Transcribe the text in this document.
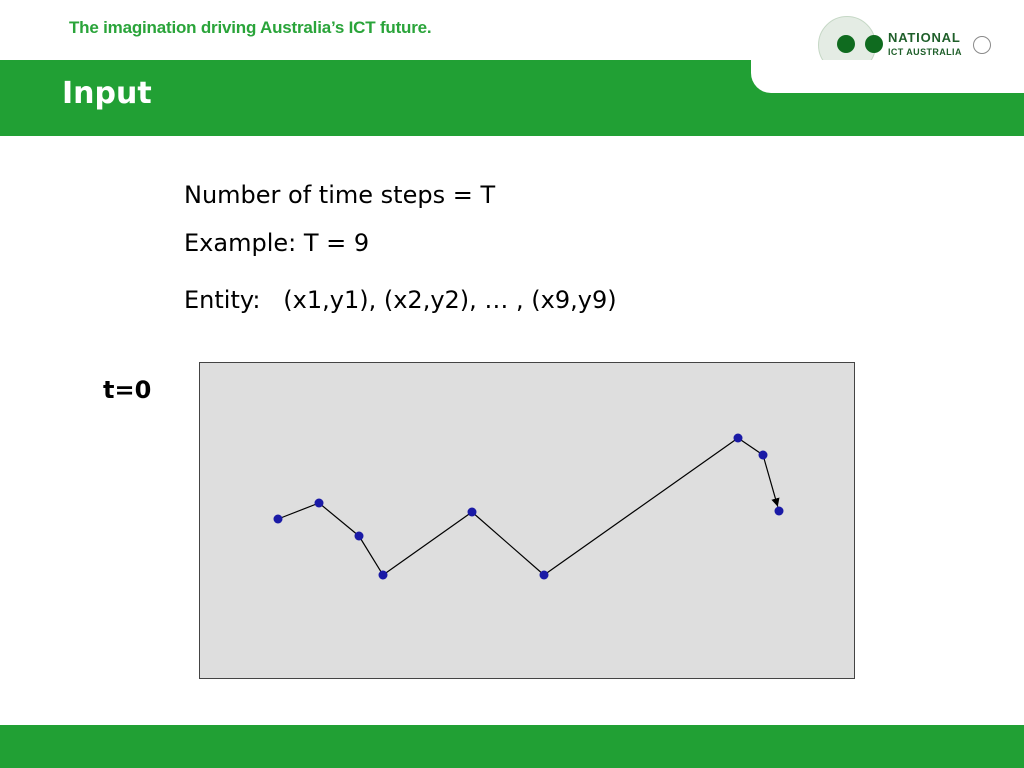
The imagination driving Australia’s ICT future.
NATIONAL
ICT AUSTRALIA
Input
Number of time steps = T
Example: T = 9
Entity:   (x1,y1), (x2,y2), … , (x9,y9)
t=0
